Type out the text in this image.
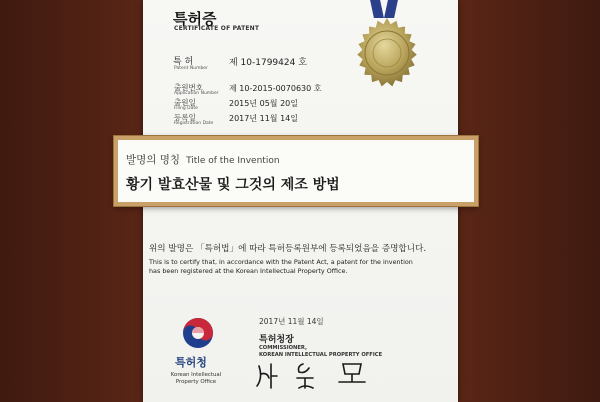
특허증
CERTIFICATE OF PATENT
특 허
Patent Number
제 10-1799424 호
출원번호
Application Number
제 10-2015-0070630 호
출원일
Filing Date
2015년 05월 20일
등록일
Registration Date
2017년 11월 14일
위의 발명은 「특허법」에 따라 특허등록원부에 등록되었음을 증명합니다.
This is to certify that, in accordance with the Patent Act, a patent for the invention
has been registered at the Korean Intellectual Property Office.
특허청
Korean Intellectual
Property Office
2017년 11월 14일
특허청장
COMMISSIONER,
KOREAN INTELLECTUAL PROPERTY OFFICE
발명의 명칭 Title of the Invention
황기 발효산물 및 그것의 제조 방법
